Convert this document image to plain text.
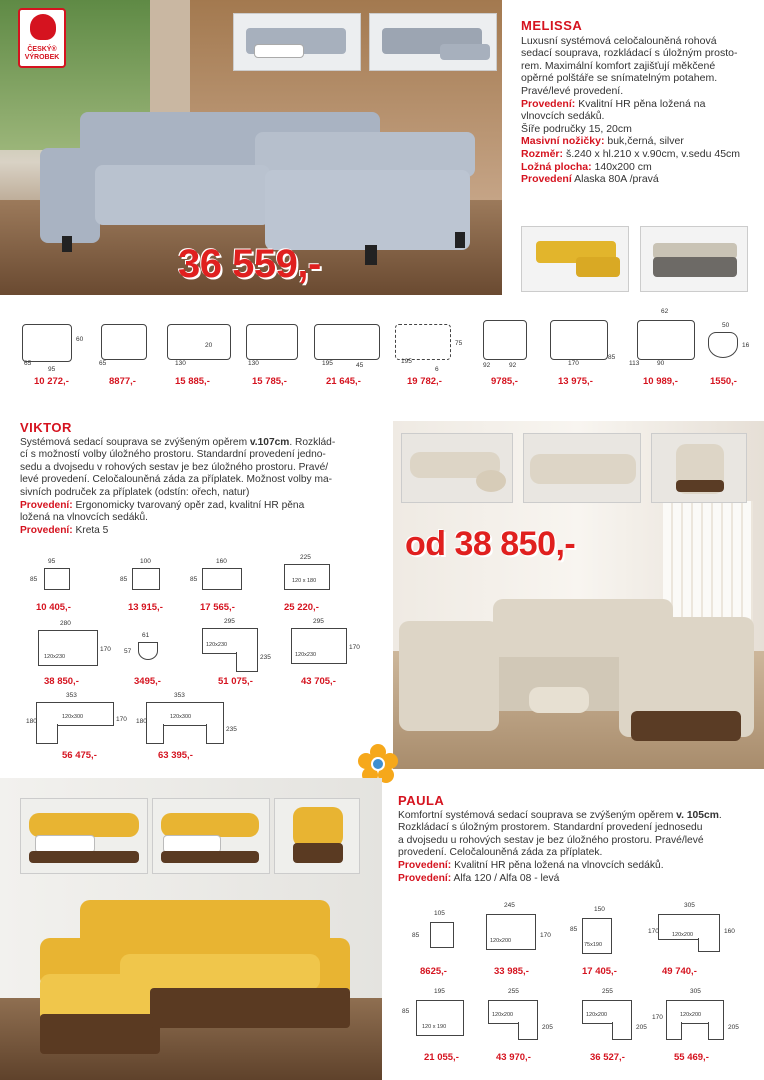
ČESKÝ® VÝROBEK
36 559,-
MELISSA
Luxusní systémová celočalouněná rohová
sedací souprava, rozkládací s úložným prosto-
rem. Maximální komfort zajišťují měkčené
opěrné polštáře se snímatelným potahem.
Pravé/levé provedení.
Provedení: Kvalitní HR pěna ložená na
vlnovcích sedáků.
Šíře područky 15, 20cm
Masivní nožičky: buk,černá, silver
Rozměr: š.240 x hl.210 x v.90cm, v.sedu 45cm
Ložná plocha: 140x200 cm
Provedení Alaska 80A /pravá
65
95
60
10 272,-
65
8877,-
130
20
15 885,-
130
15 785,-
195	45
21 645,-
195
6
75
19 782,-
92	92
9785,-
170
85
13 975,-
62
113	90
10 989,-
50
16
1550,-
VIKTOR
Systémová sedací souprava se zvýšeným opěrem v.107cm. Rozklád-
cí s možností volby úložného prostoru. Standardní provedení jedno-
sedu a dvojsedu v rohových sestav je bez úložného prostoru. Pravé/
levé provedení. Celočalouněná záda za příplatek. Možnost volby ma-
sivních područek za příplatek (odstín: ořech, natur)
Provedení: Ergonomicky tvarovaný opěr zad, kvalitní HR pěna
ložená na vlnovcích sedáků.
Provedení: Kreta 5
95
85
10 405,-
100
85
13 915,-
160
85
17 565,-
225
120 x 180
25 220,-
280
170
120x230
38 850,-
61
57
3495,-
295
235
120x230
51 075,-
295
170
120x230
43 705,-
353
180	170
120x300
56 475,-
353
180
235
120x300
63 395,-
od 38 850,-
PAULA
Komfortní systémová sedací souprava se zvýšeným opěrem v. 105cm.
Rozkládací s úložným prostorem. Standardní provedení jednosedu
a dvojsedu u rohových sestav je bez úložného prostoru. Pravé/levé
provedení. Celočalouněná záda za příplatek.
Provedení: Kvalitní HR pěna ložená na vlnovcích sedáků.
Provedení: Alfa 120 / Alfa 08 - levá
105
85
8625,-
245
170
120x200
33 985,-
150
85
75x190
17 405,-
305
170	160
120x200
49 740,-
195
85
120 x 190
21 055,-
255
205
120x200
43 970,-
255
205
120x200
36 527,-
305
170
205
120x200
55 469,-
